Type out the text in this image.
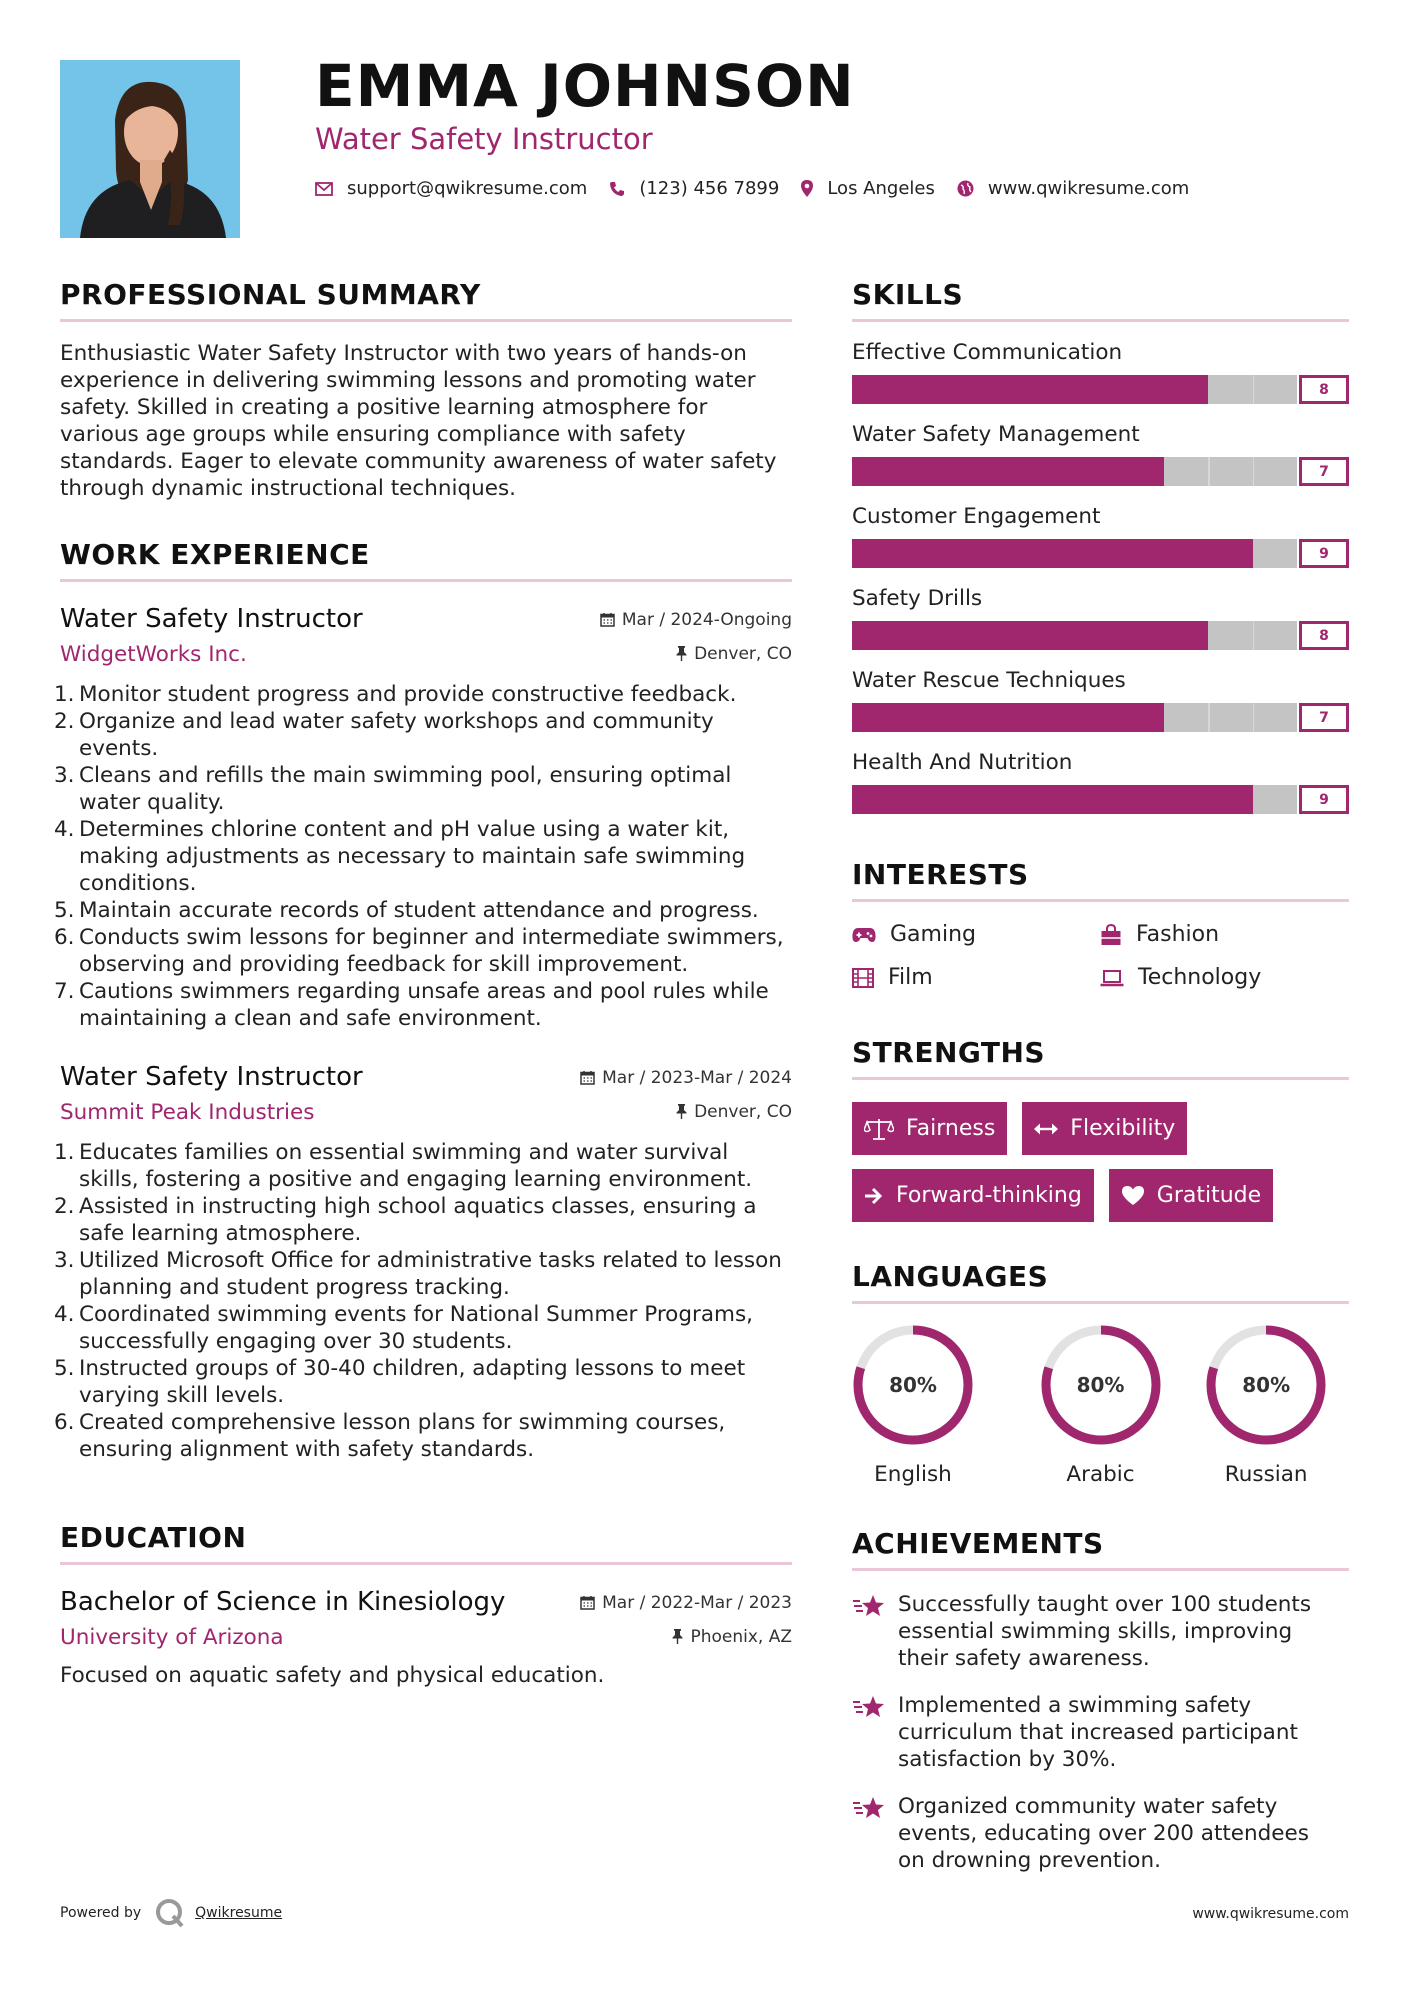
EMMA JOHNSON
Water Safety Instructor
support@qwikresume.com	(123) 456 7899	Los Angeles	www.qwikresume.com
PROFESSIONAL SUMMARY

Enthusiastic Water Safety Instructor with two years of hands-on experience in delivering swimming lessons and promoting water safety. Skilled in creating a positive learning atmosphere for various age groups while ensuring compliance with safety standards. Eager to elevate community awareness of water safety through dynamic instructional techniques.

WORK EXPERIENCE
Water Safety Instructor	Mar / 2024-Ongoing
WidgetWorks Inc.	Denver, CO
1. Monitor student progress and provide constructive feedback.
2. Organize and lead water safety workshops and community events.
3. Cleans and refills the main swimming pool, ensuring optimal water quality.
4. Determines chlorine content and pH value using a water kit, making adjustments as necessary to maintain safe swimming conditions.
5. Maintain accurate records of student attendance and progress.
6. Conducts swim lessons for beginner and intermediate swimmers, observing and providing feedback for skill improvement.
7. Cautions swimmers regarding unsafe areas and pool rules while maintaining a clean and safe environment.
Water Safety Instructor	Mar / 2023-Mar / 2024
Summit Peak Industries	Denver, CO
1. Educates families on essential swimming and water survival skills, fostering a positive and engaging learning environment.
2. Assisted in instructing high school aquatics classes, ensuring a safe learning atmosphere.
3. Utilized Microsoft Office for administrative tasks related to lesson planning and student progress tracking.
4. Coordinated swimming events for National Summer Programs, successfully engaging over 30 students.
5. Instructed groups of 30-40 children, adapting lessons to meet varying skill levels.
6. Created comprehensive lesson plans for swimming courses, ensuring alignment with safety standards.
EDUCATION
Bachelor of Science in Kinesiology	Mar / 2022-Mar / 2023
University of Arizona	Phoenix, AZ

Focused on aquatic safety and physical education.

SKILLS
Effective Communication
8
Water Safety Management
7
Customer Engagement
9
Safety Drills
8
Water Rescue Techniques
7
Health And Nutrition
9
INTERESTS
Gaming	Fashion
Film	Technology
STRENGTHS
Fairness	Flexibility
Forward-thinking	Gratitude
LANGUAGES
80%
English
80%
Arabic
80%
Russian
ACHIEVEMENTS
Successfully taught over 100 students essential swimming skills, improving their safety awareness.
Implemented a swimming safety curriculum that increased participant satisfaction by 30%.
Organized community water safety events, educating over 200 attendees on drowning prevention.
Powered by	Qwikresume	www.qwikresume.com
